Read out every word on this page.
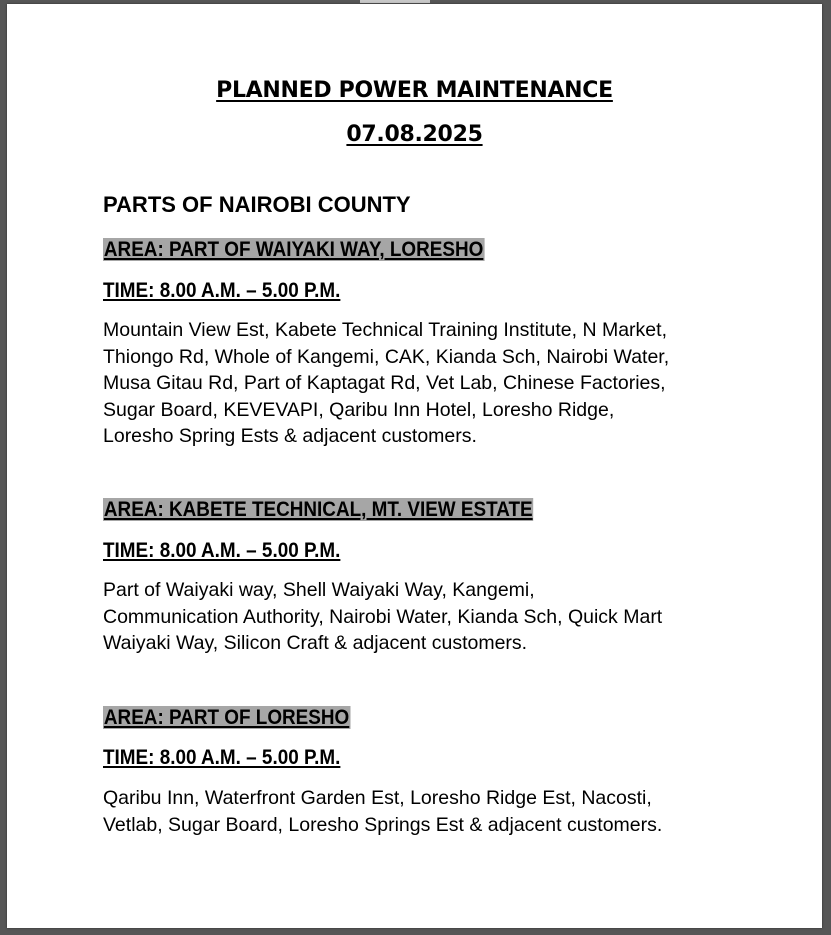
PLANNED POWER MAINTENANCE
07.08.2025
PARTS OF NAIROBI COUNTY

AREA: PART OF WAIYAKI WAY, LORESHO

TIME: 8.00 A.M. – 5.00 P.M.

Mountain View Est, Kabete Technical Training Institute, N Market,
Thiongo Rd, Whole of Kangemi, CAK, Kianda Sch, Nairobi Water,
Musa Gitau Rd, Part of Kaptagat Rd, Vet Lab, Chinese Factories,
Sugar Board, KEVEVAPI, Qaribu Inn Hotel, Loresho Ridge,
Loresho Spring Ests & adjacent customers.

AREA: KABETE TECHNICAL, MT. VIEW ESTATE

TIME: 8.00 A.M. – 5.00 P.M.

Part of Waiyaki way, Shell Waiyaki Way, Kangemi,
Communication Authority, Nairobi Water, Kianda Sch, Quick Mart
Waiyaki Way, Silicon Craft & adjacent customers.

AREA: PART OF LORESHO

TIME: 8.00 A.M. – 5.00 P.M.

Qaribu Inn, Waterfront Garden Est, Loresho Ridge Est, Nacosti,
Vetlab, Sugar Board, Loresho Springs Est & adjacent customers.
